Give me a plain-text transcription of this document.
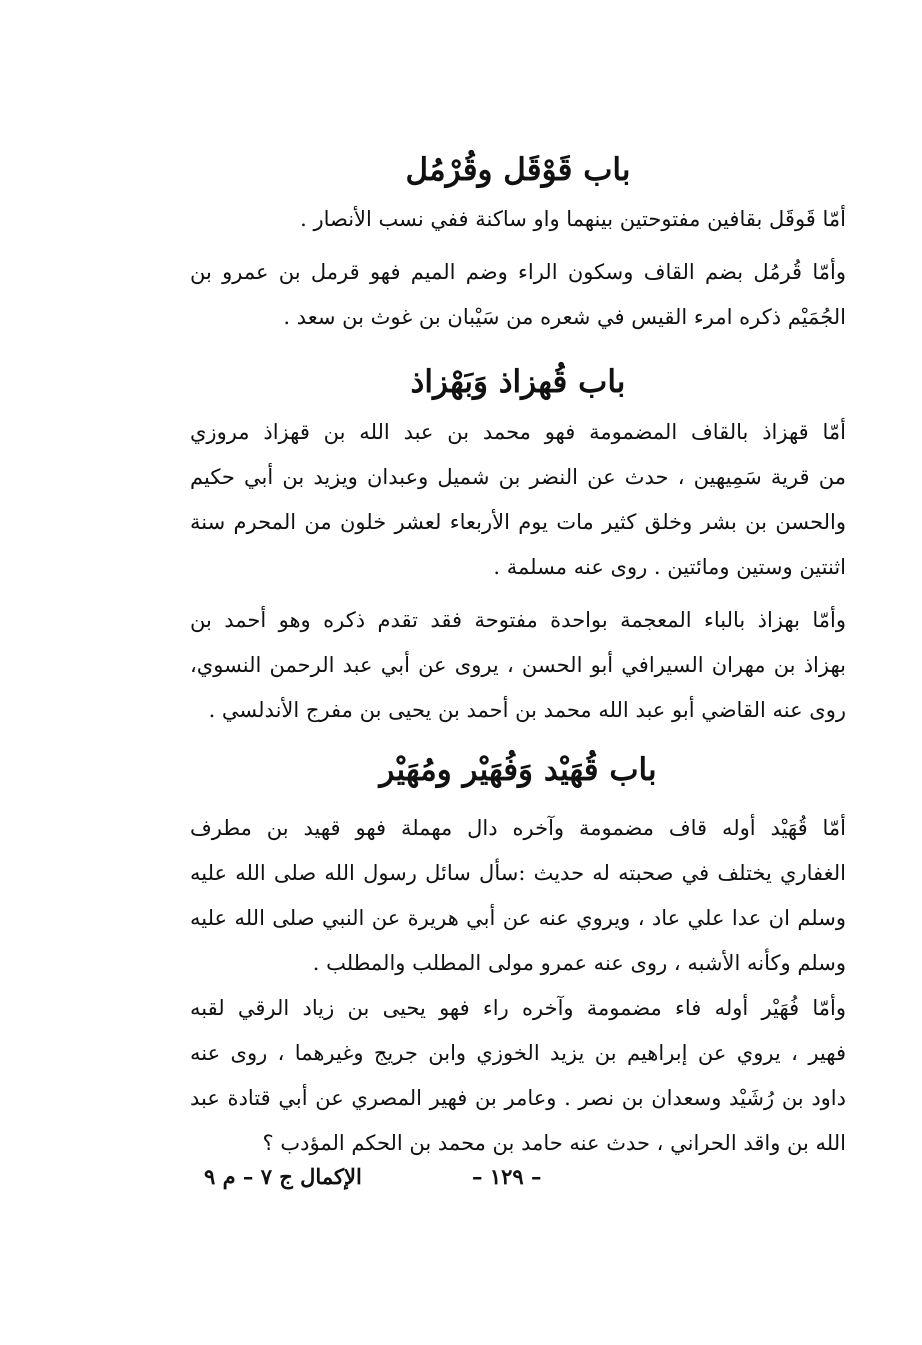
باب قَوْقَل وقُرْمُل

أمّا قَوقَل بقافين مفتوحتين بينهما واو ساكنة ففي نسب الأنصار .

وأمّا قُرمُل بضم القاف وسكون الراء وضم الميم فهو قرمل بن عمرو بن
الجُمَيْم ذكره امرء القيس في شعره من سَيْبان بن غوث بن سعد .

باب قُهزاذ وَبَهْزاذ

أمّا قهزاذ بالقاف المضمومة فهو محمد بن عبد الله بن قهزاذ مروزي
من قرية سَمِيهين ، حدث عن النضر بن شميل وعبدان ويزيد بن أبي حكيم
والحسن بن بشر وخلق كثير مات يوم الأربعاء لعشر خلون من المحرم سنة
اثنتين وستين ومائتين . روى عنه مسلمة .

وأمّا بهزاذ بالباء المعجمة بواحدة مفتوحة فقد تقدم ذكره وهو أحمد بن
بهزاذ بن مهران السيرافي أبو الحسن ، يروى عن أبي عبد الرحمن النسوي،
روى عنه القاضي أبو عبد الله محمد بن أحمد بن يحيى بن مفرج الأندلسي .

باب قُهَيْد وَفُهَيْر ومُهَيْر

أمّا قُهَيْد أوله قاف مضمومة وآخره دال مهملة فهو قهيد بن مطرف
الغفاري يختلف في صحبته له حديث :سأل سائل رسول الله صلى الله عليه
وسلم ان عدا علي عاد ، ويروي عنه عن أبي هريرة عن النبي صلى الله عليه
وسلم وكأنه الأشبه ، روى عنه عمرو مولى المطلب والمطلب .

وأمّا فُهَيْر أوله فاء مضمومة وآخره راء فهو يحيى بن زياد الرقي لقبه
فهير ، يروي عن إبراهيم بن يزيد الخوزي وابن جريج وغيرهما ، روى عنه
داود بن رُشَيْد وسعدان بن نصر . وعامر بن فهير المصري عن أبي قتادة عبد
الله بن واقد الحراني ، حدث عنه حامد بن محمد بن الحكم المؤدب ؟

– ١٢٩ –
الإكمال ج ٧ – م ٩
